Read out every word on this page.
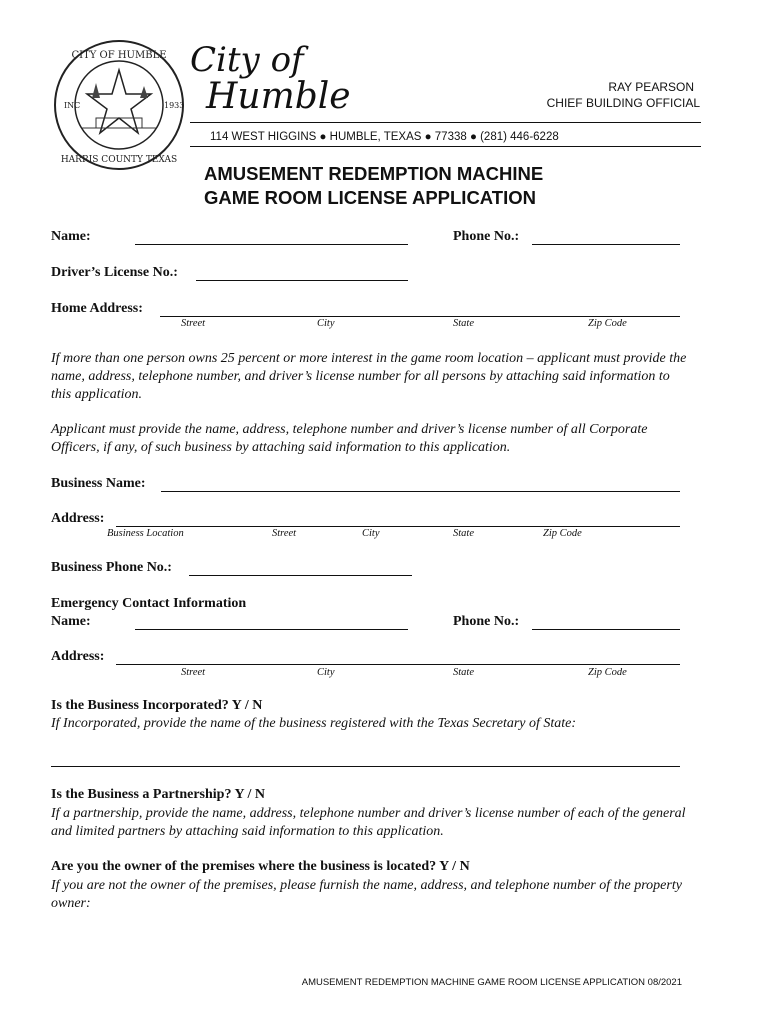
CITY OF HUMBLE
HARRIS COUNTY TEXAS
INC	1933
City of
Humble	RAY PEARSON
CHIEF BUILDING OFFICIAL
114 WEST HIGGINS ● HUMBLE, TEXAS ● 77338 ● (281) 446-6228
AMUSEMENT REDEMPTION MACHINE
GAME ROOM LICENSE APPLICATION
Name:	Phone No.:
Driver’s License No.:
Home Address:
Street	City	State	Zip Code
If more than one person owns 25 percent or more interest in the game room location – applicant must provide the name, address, telephone number, and driver’s license number for all persons by attaching said information to this application.
Applicant must provide the name, address, telephone number and driver’s license number of all Corporate Officers, if any, of such business by attaching said information to this application.
Business Name:
Address:
Business Location	Street	City	State	Zip Code
Business Phone No.:
Emergency Contact Information
Name:	Phone No.:
Address:
Street	City	State	Zip Code
Is the Business Incorporated? Y / N
If Incorporated, provide the name of the business registered with the Texas Secretary of State:
Is the Business a Partnership? Y / N
If a partnership, provide the name, address, telephone number and driver’s license number of each of the general and limited partners by attaching said information to this application.
Are you the owner of the premises where the business is located? Y / N
If you are not the owner of the premises, please furnish the name, address, and telephone number of the property owner:
AMUSEMENT REDEMPTION MACHINE GAME ROOM LICENSE APPLICATION 08/2021
